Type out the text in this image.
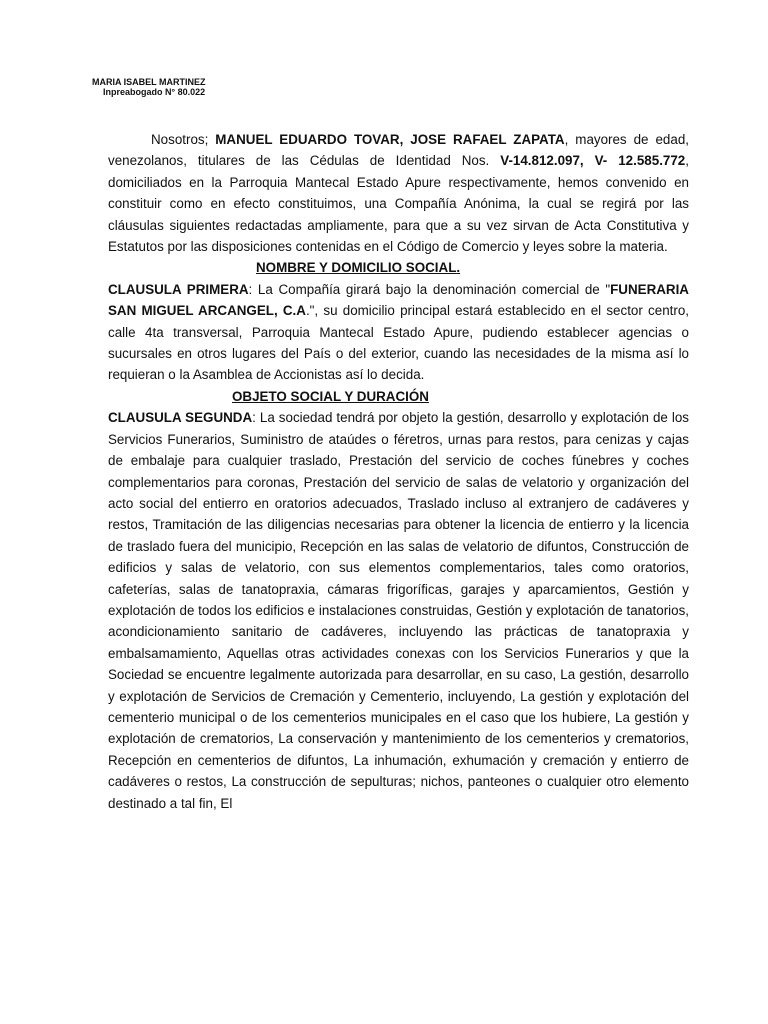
MARIA ISABEL MARTINEZ
Inpreabogado N° 80.022

Nosotros; MANUEL EDUARDO TOVAR, JOSE RAFAEL ZAPATA, mayores de edad, venezolanos, titulares de las Cédulas de Identidad Nos. V-14.812.097, V- 12.585.772, domiciliados en la Parroquia Mantecal Estado Apure respectivamente, hemos convenido en constituir como en efecto constituimos, una Compañía Anónima, la cual se regirá por las cláusulas siguientes redactadas ampliamente, para que a su vez sirvan de Acta Constitutiva y Estatutos por las disposiciones contenidas en el Código de Comercio y leyes sobre la materia.

NOMBRE Y DOMICILIO SOCIAL.

CLAUSULA PRIMERA: La Compañía girará bajo la denominación comercial de "FUNERARIA SAN MIGUEL ARCANGEL, C.A.", su domicilio principal estará establecido en el sector centro, calle 4ta transversal, Parroquia Mantecal Estado Apure, pudiendo establecer agencias o sucursales en otros lugares del País o del exterior, cuando las necesidades de la misma así lo requieran o la Asamblea de Accionistas así lo decida.

OBJETO SOCIAL Y DURACIÓN

CLAUSULA SEGUNDA: La sociedad tendrá por objeto la gestión, desarrollo y explotación de los Servicios Funerarios, Suministro de ataúdes o féretros, urnas para restos, para cenizas y cajas de embalaje para cualquier traslado, Prestación del servicio de coches fúnebres y coches complementarios para coronas, Prestación del servicio de salas de velatorio y organización del acto social del entierro en oratorios adecuados, Traslado incluso al extranjero de cadáveres y restos, Tramitación de las diligencias necesarias para obtener la licencia de entierro y la licencia de traslado fuera del municipio, Recepción en las salas de velatorio de difuntos, Construcción de edificios y salas de velatorio, con sus elementos complementarios, tales como oratorios, cafeterías, salas de tanatopraxia, cámaras frigoríficas, garajes y aparcamientos, Gestión y explotación de todos los edificios e instalaciones construidas, Gestión y explotación de tanatorios, acondicionamiento sanitario de cadáveres, incluyendo las prácticas de tanatopraxia y embalsamamiento, Aquellas otras actividades conexas con los Servicios Funerarios y que la Sociedad se encuentre legalmente autorizada para desarrollar, en su caso, La gestión, desarrollo y explotación de Servicios de Cremación y Cementerio, incluyendo, La gestión y explotación del cementerio municipal o de los cementerios municipales en el caso que los hubiere, La gestión y explotación de crematorios, La conservación y mantenimiento de los cementerios y crematorios, Recepción en cementerios de difuntos, La inhumación, exhumación y cremación y entierro de cadáveres o restos, La construcción de sepulturas; nichos, panteones o cualquier otro elemento destinado a tal fin, El
